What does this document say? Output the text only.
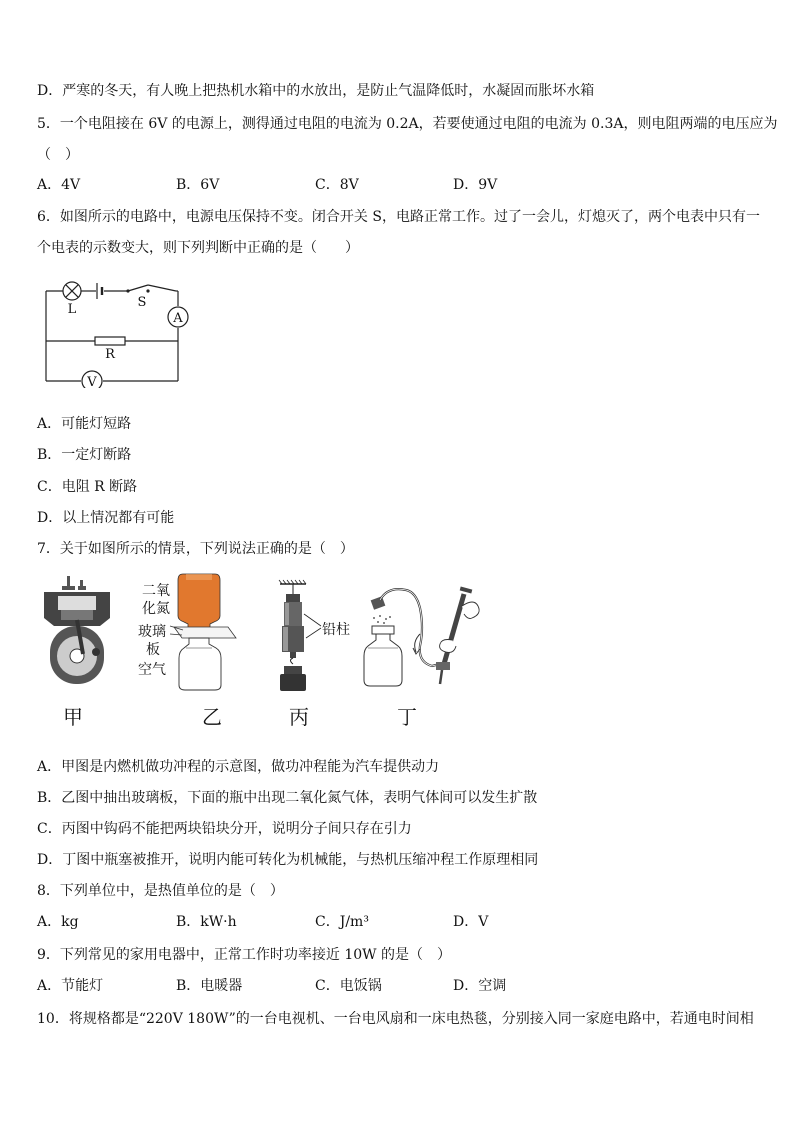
D．严寒的冬天，有人晚上把热机水箱中的水放出，是防止气温降低时，水凝固而胀坏水箱
5．一个电阻接在 6V 的电源上，测得通过电阻的电流为 0.2A，若要使通过电阻的电流为 0.3A，则电阻两端的电压应为
（　）
A．4V	B．6V	C．8V	D．9V
6．如图所示的电路中，电源电压保持不变。闭合开关 S，电路正常工作。过了一会儿，灯熄灭了，两个电表中只有一
个电表的示数变大，则下列判断中正确的是（　　）
A
V
L	S
R
A．可能灯短路
B．一定灯断路
C．电阻 R 断路
D．以上情况都有可能
7．关于如图所示的情景，下列说法正确的是（　）
二氧
化氮
玻璃
板
空气
铅柱
甲	乙	丙	丁
A．甲图是内燃机做功冲程的示意图，做功冲程能为汽车提供动力
B．乙图中抽出玻璃板，下面的瓶中出现二氧化氮气体，表明气体间可以发生扩散
C．丙图中钩码不能把两块铅块分开，说明分子间只存在引力
D．丁图中瓶塞被推开，说明内能可转化为机械能，与热机压缩冲程工作原理相同
8．下列单位中，是热值单位的是（　）
A．kg	B．kW·h	C．J/m³	D．V
9．下列常见的家用电器中，正常工作时功率接近 10W 的是（　）
A．节能灯	B．电暖器	C．电饭锅	D．空调
10．将规格都是“220V 180W”的一台电视机、一台电风扇和一床电热毯，分别接入同一家庭电路中，若通电时间相
